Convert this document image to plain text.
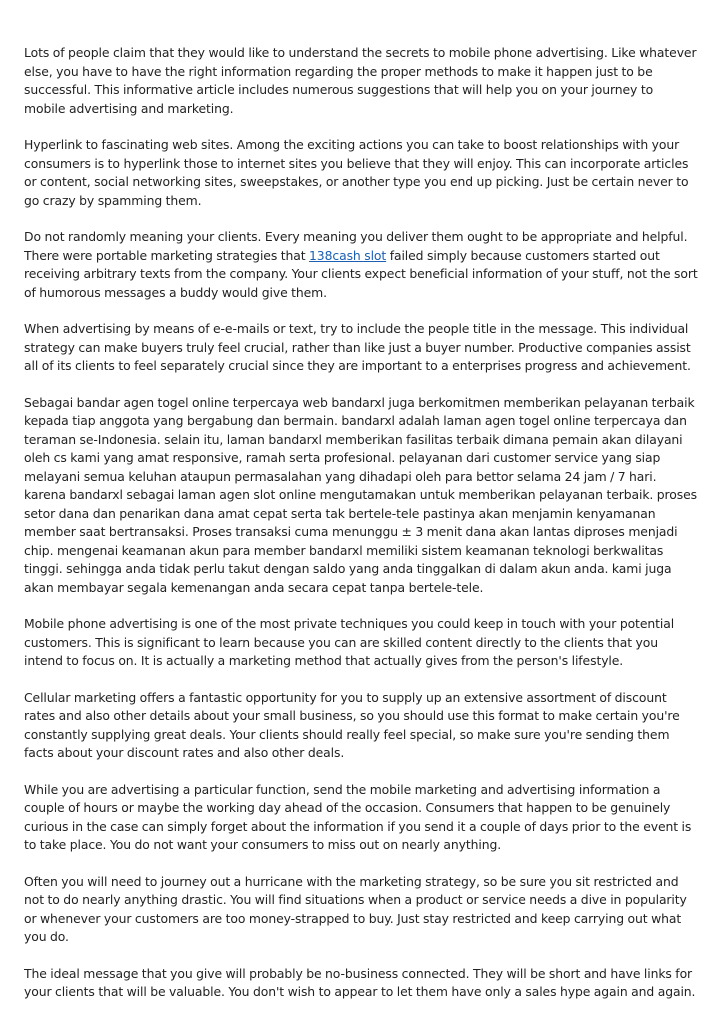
Lots of people claim that they would like to understand the secrets to mobile phone advertising. Like whatever else, you have to have the right information regarding the proper methods to make it happen just to be successful. This informative article includes numerous suggestions that will help you on your journey to mobile advertising and marketing.

Hyperlink to fascinating web sites. Among the exciting actions you can take to boost relationships with your consumers is to hyperlink those to internet sites you believe that they will enjoy. This can incorporate articles or content, social networking sites, sweepstakes, or another type you end up picking. Just be certain never to go crazy by spamming them.

Do not randomly meaning your clients. Every meaning you deliver them ought to be appropriate and helpful. There were portable marketing strategies that 138cash slot failed simply because customers started out receiving arbitrary texts from the company. Your clients expect beneficial information of your stuff, not the sort of humorous messages a buddy would give them.

When advertising by means of e-e-mails or text, try to include the people title in the message. This individual strategy can make buyers truly feel crucial, rather than like just a buyer number. Productive companies assist all of its clients to feel separately crucial since they are important to a enterprises progress and achievement.

Sebagai bandar agen togel online terpercaya web bandarxl juga berkomitmen memberikan pelayanan terbaik kepada tiap anggota yang bergabung dan bermain. bandarxl adalah laman agen togel online terpercaya dan teraman se-Indonesia. selain itu, laman bandarxl memberikan fasilitas terbaik dimana pemain akan dilayani oleh cs kami yang amat responsive, ramah serta profesional. pelayanan dari customer service yang siap melayani semua keluhan ataupun permasalahan yang dihadapi oleh para bettor selama 24 jam / 7 hari. karena bandarxl sebagai laman agen slot online mengutamakan untuk memberikan pelayanan terbaik. proses setor dana dan penarikan dana amat cepat serta tak bertele-tele pastinya akan menjamin kenyamanan member saat bertransaksi. Proses transaksi cuma menunggu ± 3 menit dana akan lantas diproses menjadi chip. mengenai keamanan akun para member bandarxl memiliki sistem keamanan teknologi berkwalitas tinggi. sehingga anda tidak perlu takut dengan saldo yang anda tinggalkan di dalam akun anda. kami juga akan membayar segala kemenangan anda secara cepat tanpa bertele-tele.

Mobile phone advertising is one of the most private techniques you could keep in touch with your potential customers. This is significant to learn because you can are skilled content directly to the clients that you intend to focus on. It is actually a marketing method that actually gives from the person's lifestyle.

Cellular marketing offers a fantastic opportunity for you to supply up an extensive assortment of discount rates and also other details about your small business, so you should use this format to make certain you're constantly supplying great deals. Your clients should really feel special, so make sure you're sending them facts about your discount rates and also other deals.

While you are advertising a particular function, send the mobile marketing and advertising information a couple of hours or maybe the working day ahead of the occasion. Consumers that happen to be genuinely curious in the case can simply forget about the information if you send it a couple of days prior to the event is to take place. You do not want your consumers to miss out on nearly anything.

Often you will need to journey out a hurricane with the marketing strategy, so be sure you sit restricted and not to do nearly anything drastic. You will find situations when a product or service needs a dive in popularity or whenever your customers are too money-strapped to buy. Just stay restricted and keep carrying out what you do.

The ideal message that you give will probably be no-business connected. They will be short and have links for your clients that will be valuable. You don't wish to appear to let them have only a sales hype again and again.
